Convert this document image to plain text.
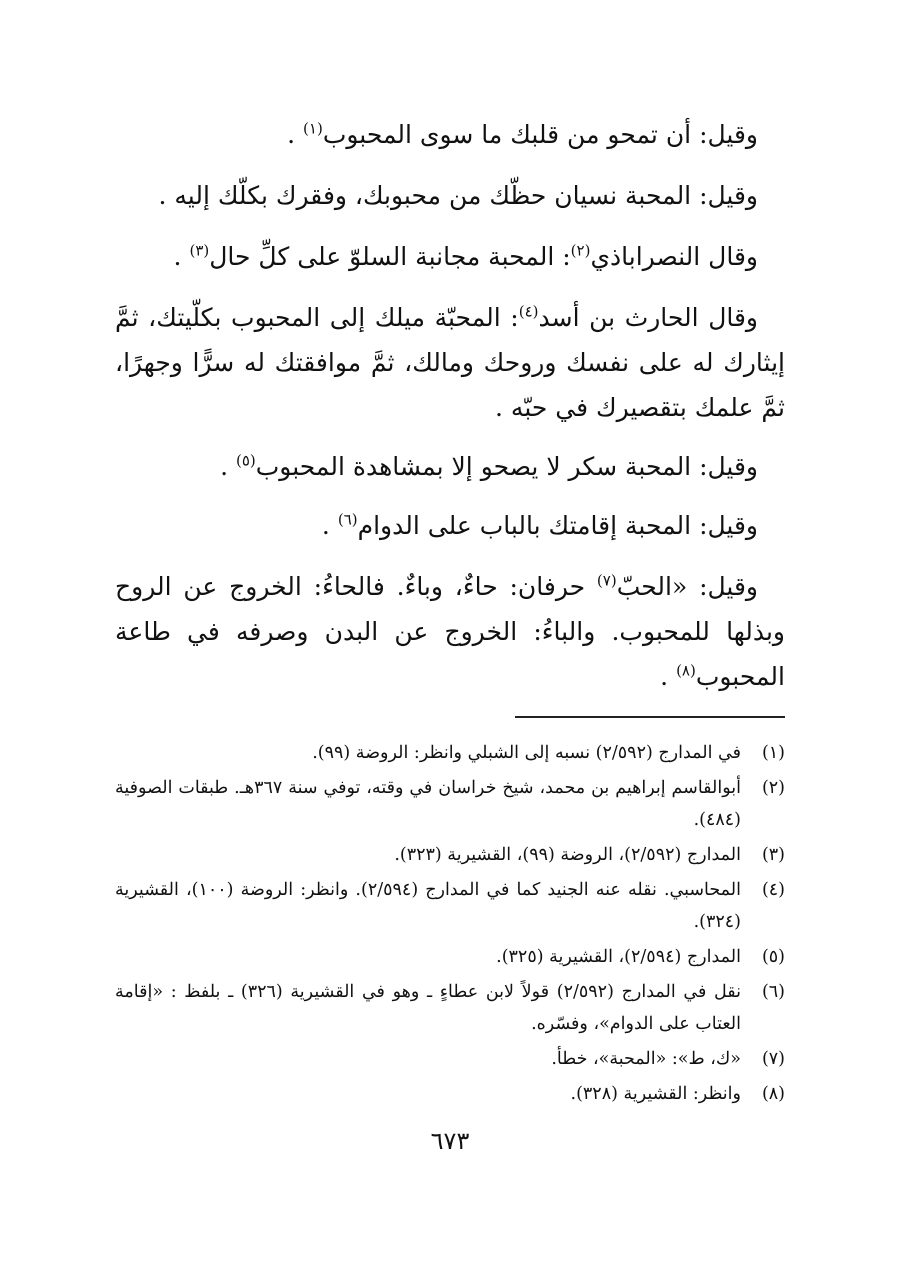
وقيل: أن تمحو من قلبك ما سوى المحبوب$^{(١)}$ .

وقيل: المحبة نسيان حظّك من محبوبك، وفقرك بكلّك إليه .

وقال النصراباذي$^{(٢)}$: المحبة مجانبة السلوّ على كلِّ حال$^{(٣)}$ .

وقال الحارث بن أسد$^{(٤)}$: المحبّة ميلك إلى المحبوب بكلّيتك، ثمَّ إيثارك له على نفسك وروحك ومالك، ثمَّ موافقتك له سرًّا وجهرًا، ثمَّ علمك بتقصيرك في حبّه .

وقيل: المحبة سكر لا يصحو إلا بمشاهدة المحبوب$^{(٥)}$ .

وقيل: المحبة إقامتك بالباب على الدوام$^{(٦)}$ .

وقيل: «الحبّ$^{(٧)}$ حرفان: حاءٌ، وباءٌ. فالحاءُ: الخروج عن الروح وبذلها للمحبوب. والباءُ: الخروج عن البدن وصرفه في طاعة المحبوب$^{(٨)}$ .

(١)
في المدارج (٢/٥٩٢) نسبه إلى الشبلي وانظر: الروضة (٩٩).

(٢)
أبوالقاسم إبراهيم بن محمد، شيخ خراسان في وقته، توفي سنة ٣٦٧هـ. طبقات الصوفية (٤٨٤).

(٣)
المدارج (٢/٥٩٢)، الروضة (٩٩)، القشيرية (٣٢٣).

(٤)
المحاسبي. نقله عنه الجنيد كما في المدارج (٢/٥٩٤). وانظر: الروضة (١٠٠)، القشيرية (٣٢٤).

(٥)
المدارج (٢/٥٩٤)، القشيرية (٣٢٥).

(٦)
نقل في المدارج (٢/٥٩٢) قولاً لابن عطاءٍ ـ وهو في القشيرية (٣٢٦) ـ بلفظ : «إقامة العتاب على الدوام»، وفسّره.

(٧)
«ك، ط»: «المحبة»، خطأ.

(٨)
وانظر: القشيرية (٣٢٨).

٦٧٣
